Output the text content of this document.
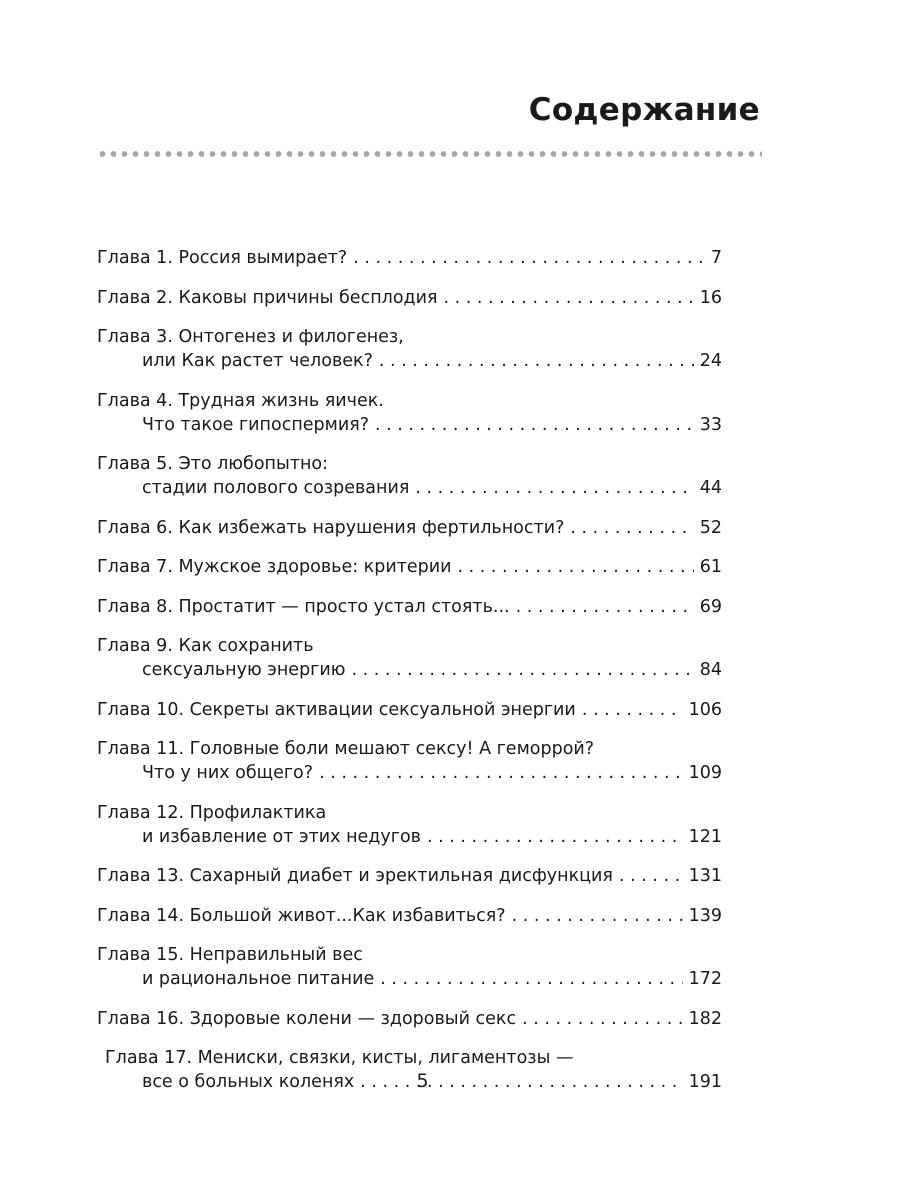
Содержание
Глава 1. Россия вымирает? . . .	7
Глава 2. Каковы причины бесплодия . . .	16
Глава 3. Онтогенез и филогенез,
или Как растет человек? . . .	24
Глава 4. Трудная жизнь яичек.
Что такое гипоспермия? . . .	33
Глава 5. Это любопытно:
стадии полового созревания . . .	44
Глава 6. Как избежать нарушения фертильности? . . .	52
Глава 7. Мужское здоровье: критерии . . .	61
Глава 8. Простатит — просто устал стоять... . . .	69
Глава 9. Как сохранить
сексуальную энергию . . .	84
Глава 10. Секреты активации сексуальной энергии . . .	106
Глава 11. Головные боли мешают сексу! А геморрой?
Что у них общего? . . .	109
Глава 12. Профилактика
и избавление от этих недугов . . .	121
Глава 13. Сахарный диабет и эректильная дисфункция . . .	131
Глава 14. Большой живот...Как избавиться? . . .	139
Глава 15. Неправильный вес
и рациональное питание . . .	172
Глава 16. Здоровые колени — здоровый секс . . .	182
Глава 17. Мениски, связки, кисты, лигаментозы —
все о больных коленях . . .	191
5
